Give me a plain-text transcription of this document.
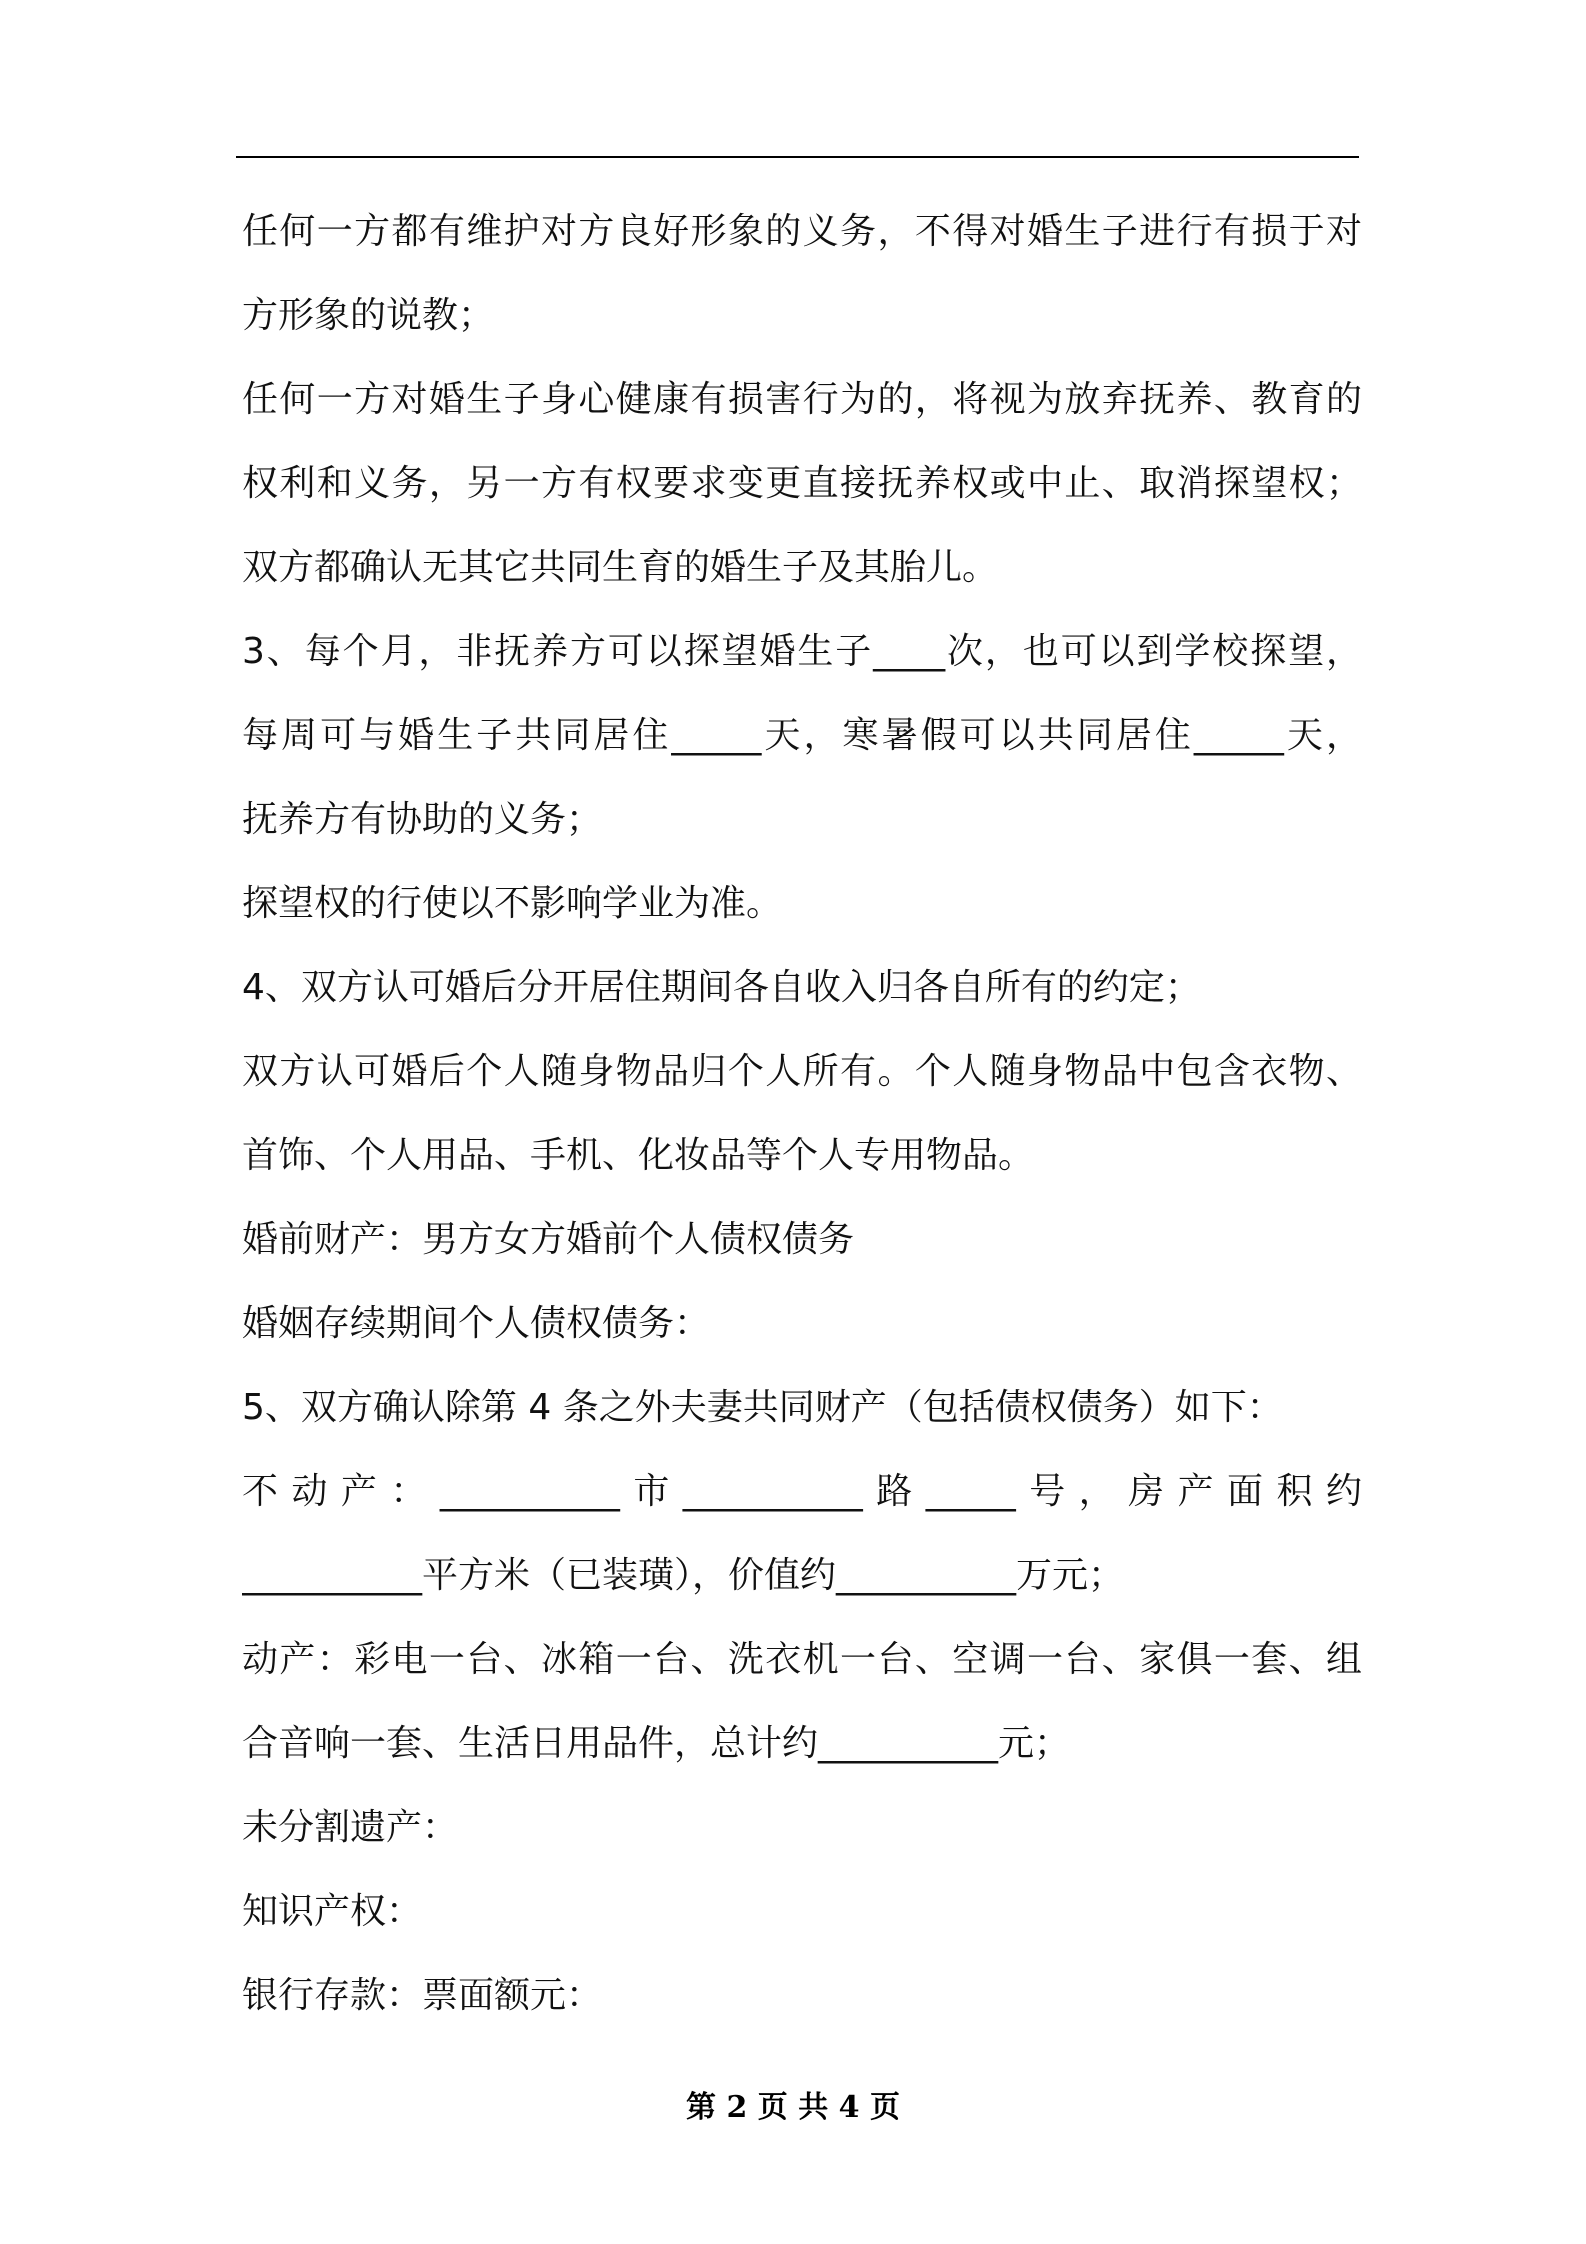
任何一方都有维护对方良好形象的义务，不得对婚生子进行有损于对
方形象的说教；
任何一方对婚生子身心健康有损害行为的，将视为放弃抚养、教育的
权利和义务，另一方有权要求变更直接抚养权或中止、取消探望权；
双方都确认无其它共同生育的婚生子及其胎儿。
3、每个月，非抚养方可以探望婚生子____次，也可以到学校探望，
每周可与婚生子共同居住_____天，寒暑假可以共同居住_____天，
抚养方有协助的义务；
探望权的行使以不影响学业为准。
4、双方认可婚后分开居住期间各自收入归各自所有的约定；
双方认可婚后个人随身物品归个人所有。个人随身物品中包含衣物、
首饰、个人用品、手机、化妆品等个人专用物品。
婚前财产：男方女方婚前个人债权债务
婚姻存续期间个人债权债务：
5、双方确认除第 4 条之外夫妻共同财产（包括债权债务）如下：
不动产：__________市__________路_____号，房产面积约
__________平方米（已装璜），价值约__________万元；
动产：彩电一台、冰箱一台、洗衣机一台、空调一台、家俱一套、组
合音响一套、生活日用品件，总计约__________元；
未分割遗产：
知识产权：
银行存款：票面额元：
第 2 页 共 4 页
